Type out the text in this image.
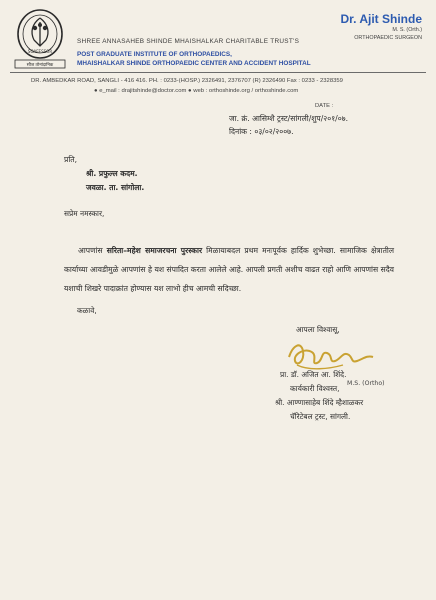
SOAFESSOR
सौज तोनांदानिक
SHREE ANNASAHEB SHINDE MHAISHALKAR CHARITABLE TRUST'S
POST GRADUATE INSTITUTE OF ORTHOPAEDICS,
MHAISHALKAR SHINDE ORTHOPAEDIC CENTER AND ACCIDENT HOSPITAL
Dr. Ajit Shinde
M. S. (Orth.)
ORTHOPAEDIC SURGEON
DR. AMBEDKAR ROAD, SANGLI - 416 416. PH. : 0233-(HOSP.) 2326491, 2376707 (R) 2326490 Fax : 0233 - 2328359
● e_mail : drajitshinde@doctor.com ● web : orthoshinde.org / orthoshinde.com
DATE :
जा. क्रं. आसिम्शै ट्रस्ट/सांगली/शुप/२०१/०७.
दिनांक : ०३/०२/२००७.
प्रति,
श्री. प्रफुल्ल कदम.
जवळा. ता. सांगोला.
सप्रेम नमस्कार,

आपणांस सरिता–महेश समाजरचना पुरस्कार मिळायाबदल प्रथम मनःपूर्वक हार्दिक शुभेच्छा. सामाजिक क्षेत्रातील कार्याच्या आवडीमुळे आपणांस हे यश संपादित करता आलेले आहे. आपली प्रगती अशीच वाढत राहो आणि आपणांस सदैव यशाची शिखरे पादाक्रांत होण्यास यश लाभो हीच आमची सदिच्छा.

कळावे,
आपला विश्वासू,
प्रा. डॉ. अजित आ. शिंदे.
M.S. (Ortho)
कार्यकारी विश्वस्त,
श्री. आण्णासाहेब शिंदे म्हैशाळकर
चॅरिटेबल ट्रस्ट, सांगली.
